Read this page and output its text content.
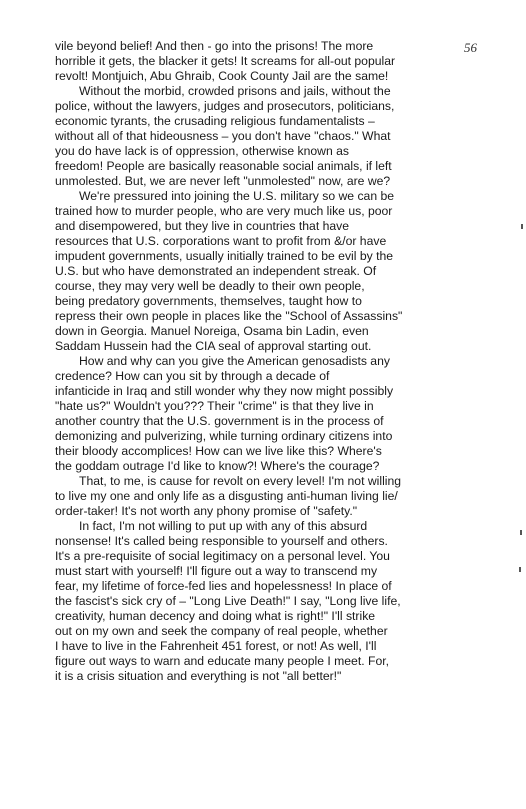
56
vile beyond belief! And then - go into the prisons! The more
horrible it gets, the blacker it gets! It screams for all-out popular
revolt! Montjuich, Abu Ghraib, Cook County Jail are the same!
Without the morbid, crowded prisons and jails, without the
police, without the lawyers, judges and prosecutors, politicians,
economic tyrants, the crusading religious fundamentalists –
without all of that hideousness – you don't have "chaos." What
you do have lack is of oppression, otherwise known as
freedom! People are basically reasonable social animals, if left
unmolested. But, we are never left "unmolested" now, are we?
We're pressured into joining the U.S. military so we can be
trained how to murder people, who are very much like us, poor
and disempowered, but they live in countries that have
resources that U.S. corporations want to profit from &/or have
impudent governments, usually initially trained to be evil by the
U.S. but who have demonstrated an independent streak. Of
course, they may very well be deadly to their own people,
being predatory governments, themselves, taught how to
repress their own people in places like the "School of Assassins"
down in Georgia. Manuel Noreiga, Osama bin Ladin, even
Saddam Hussein had the CIA seal of approval starting out.
How and why can you give the American genosadists any
credence? How can you sit by through a decade of
infanticide in Iraq and still wonder why they now might possibly
"hate us?" Wouldn't you??? Their "crime" is that they live in
another country that the U.S. government is in the process of
demonizing and pulverizing, while turning ordinary citizens into
their bloody accomplices! How can we live like this? Where's
the goddam outrage I'd like to know?! Where's the courage?
That, to me, is cause for revolt on every level! I'm not willing
to live my one and only life as a disgusting anti-human living lie/
order-taker! It's not worth any phony promise of "safety."
In fact, I'm not willing to put up with any of this absurd
nonsense! It's called being responsible to yourself and others.
It's a pre-requisite of social legitimacy on a personal level. You
must start with yourself! I'll figure out a way to transcend my
fear, my lifetime of force-fed lies and hopelessness! In place of
the fascist's sick cry of – "Long Live Death!" I say, "Long live life,
creativity, human decency and doing what is right!" I'll strike
out on my own and seek the company of real people, whether
I have to live in the Fahrenheit 451 forest, or not! As well, I'll
figure out ways to warn and educate many people I meet. For,
it is a crisis situation and everything is not "all better!"
